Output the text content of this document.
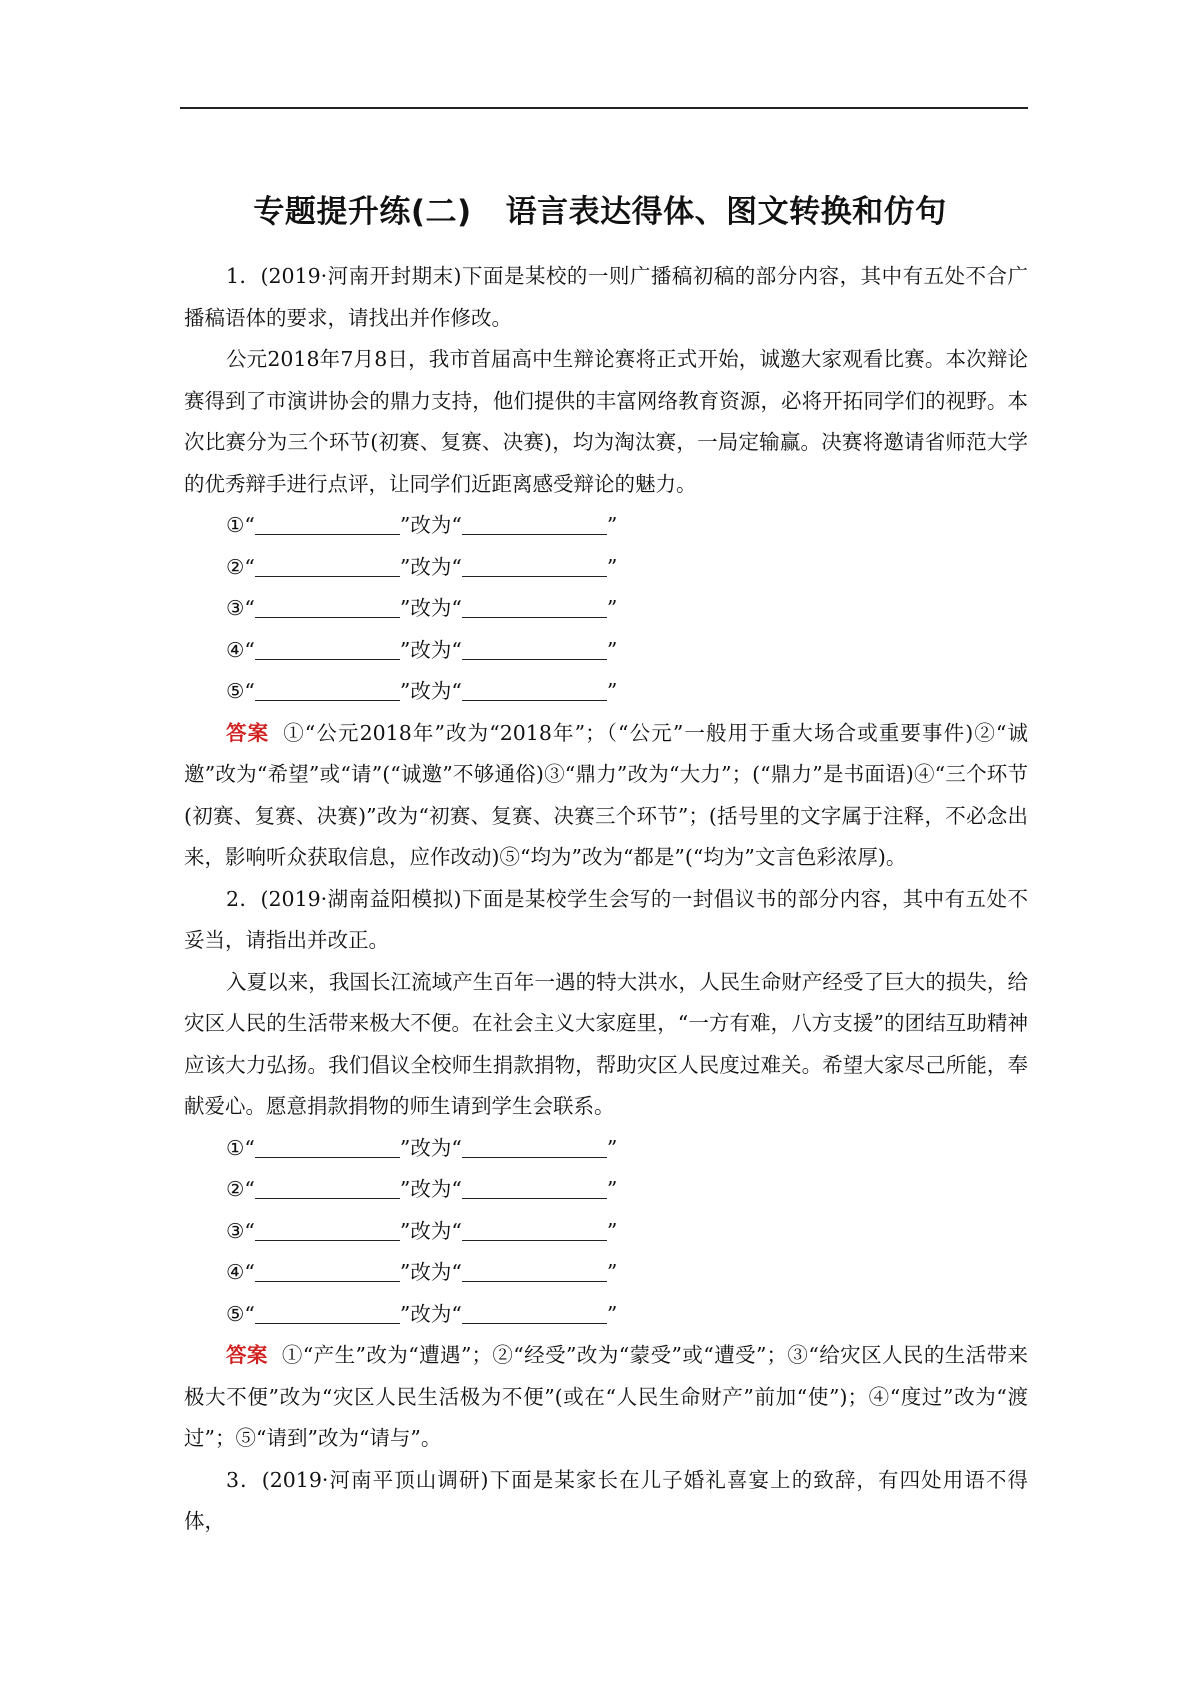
专题提升练(二) 语言表达得体、图文转换和仿句

1．(2019·河南开封期末)下面是某校的一则广播稿初稿的部分内容，其中有五处不合广播稿语体的要求，请找出并作修改。

公元2018年7月8日，我市首届高中生辩论赛将正式开始，诚邀大家观看比赛。本次辩论赛得到了市演讲协会的鼎力支持，他们提供的丰富网络教育资源，必将开拓同学们的视野。本次比赛分为三个环节(初赛、复赛、决赛)，均为淘汰赛，一局定输赢。决赛将邀请省师范大学的优秀辩手进行点评，让同学们近距离感受辩论的魅力。

①“	”改为“	”

②“	”改为“	”

③“	”改为“	”

④“	”改为“	”

⑤“	”改为“	”

答案 ①“公元2018年”改为“2018年”；（“公元”一般用于重大场合或重要事件)②“诚邀”改为“希望”或“请”(“诚邀”不够通俗)③“鼎力”改为“大力”；(“鼎力”是书面语)④“三个环节(初赛、复赛、决赛)”改为“初赛、复赛、决赛三个环节”；(括号里的文字属于注释，不必念出来，影响听众获取信息，应作改动)⑤“均为”改为“都是”(“均为”文言色彩浓厚)。

2．(2019·湖南益阳模拟)下面是某校学生会写的一封倡议书的部分内容，其中有五处不妥当，请指出并改正。

入夏以来，我国长江流域产生百年一遇的特大洪水，人民生命财产经受了巨大的损失，给灾区人民的生活带来极大不便。在社会主义大家庭里，“一方有难，八方支援”的团结互助精神应该大力弘扬。我们倡议全校师生捐款捐物，帮助灾区人民度过难关。希望大家尽己所能，奉献爱心。愿意捐款捐物的师生请到学生会联系。

①“	”改为“	”

②“	”改为“	”

③“	”改为“	”

④“	”改为“	”

⑤“	”改为“	”

答案 ①“产生”改为“遭遇”；②“经受”改为“蒙受”或“遭受”；③“给灾区人民的生活带来极大不便”改为“灾区人民生活极为不便”(或在“人民生命财产”前加“使”)；④“度过”改为“渡过”；⑤“请到”改为“请与”。

3．(2019·河南平顶山调研)下面是某家长在儿子婚礼喜宴上的致辞，有四处用语不得体，
